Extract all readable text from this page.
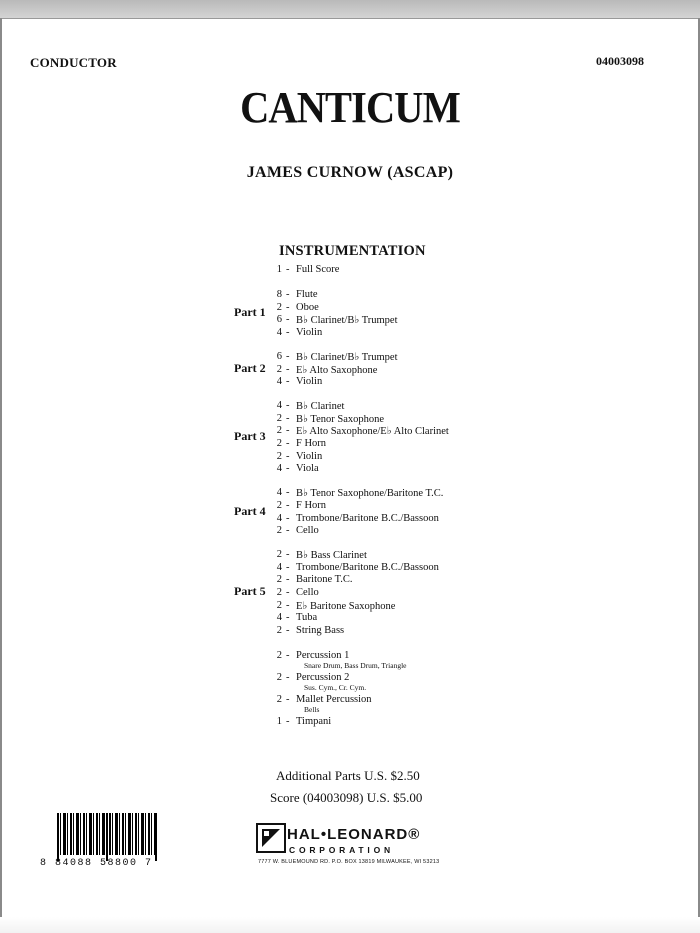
CONDUCTOR	04003098
CANTICUM
JAMES CURNOW (ASCAP)
INSTRUMENTATION
1 - Full Score
8 - Flute
2 - Oboe
6 - B♭ Clarinet/B♭ Trumpet
4 - Violin
Part 1
6 - B♭ Clarinet/B♭ Trumpet
2 - E♭ Alto Saxophone
4 - Violin
Part 2
4 - B♭ Clarinet
2 - B♭ Tenor Saxophone
2 - E♭ Alto Saxophone/E♭ Alto Clarinet
2 - F Horn
2 - Violin
4 - Viola
Part 3
4 - B♭ Tenor Saxophone/Baritone T.C.
2 - F Horn
4 - Trombone/Baritone B.C./Bassoon
2 - Cello
Part 4
2 - B♭ Bass Clarinet
4 - Trombone/Baritone B.C./Bassoon
2 - Baritone T.C.
2 - Cello
2 - E♭ Baritone Saxophone
4 - Tuba
2 - String Bass
Part 5
2 - Percussion 1
Snare Drum, Bass Drum, Triangle
2 - Percussion 2
Sus. Cym., Cr. Cym.
2 - Mallet Percussion
Bells
1 - Timpani
Additional Parts U.S. $2.50
Score (04003098) U.S. $5.00
8 84088 58800 7
HAL•LEONARD®
CORPORATION
7777 W. BLUEMOUND RD. P.O. BOX 13819 MILWAUKEE, WI 53213
